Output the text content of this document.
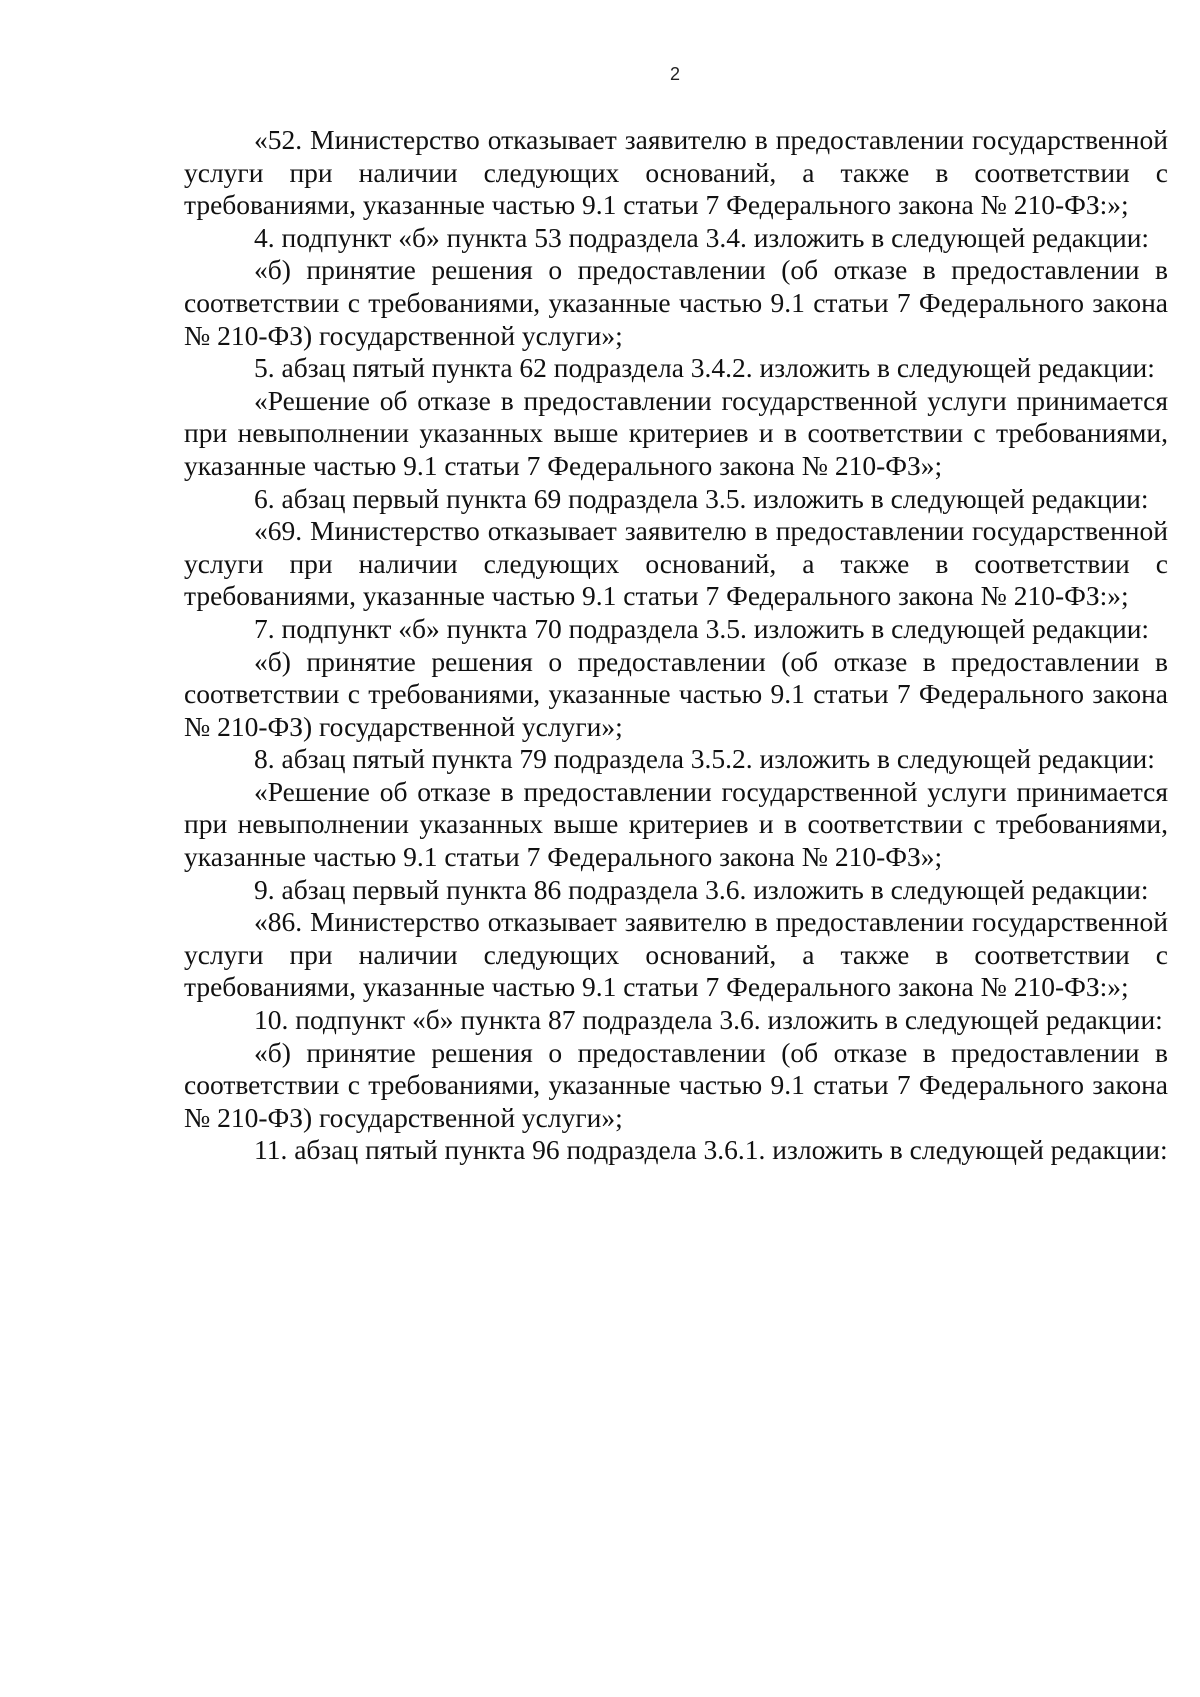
2

«52. Министерство отказывает заявителю в предоставлении государственной услуги при наличии следующих оснований, а также в соответствии с требованиями, указанные частью 9.1 статьи 7 Федерального закона № 210-ФЗ:»;

4. подпункт «б» пункта 53 подраздела 3.4. изложить в следующей редакции:

«б) принятие решения о предоставлении (об отказе в предоставлении в соответствии с требованиями, указанные частью 9.1 статьи 7 Федерального закона № 210-ФЗ) государственной услуги»;

5. абзац пятый пункта 62 подраздела 3.4.2. изложить в следующей редакции:

«Решение об отказе в предоставлении государственной услуги принимается при невыполнении указанных выше критериев и в соответствии с требованиями, указанные частью 9.1 статьи 7 Федерального закона № 210-ФЗ»;

6. абзац первый пункта 69 подраздела 3.5. изложить в следующей редакции:

«69. Министерство отказывает заявителю в предоставлении государственной услуги при наличии следующих оснований, а также в соответствии с требованиями, указанные частью 9.1 статьи 7 Федерального закона № 210-ФЗ:»;

7. подпункт «б» пункта 70 подраздела 3.5. изложить в следующей редакции:

«б) принятие решения о предоставлении (об отказе в предоставлении в соответствии с требованиями, указанные частью 9.1 статьи 7 Федерального закона № 210-ФЗ) государственной услуги»;

8. абзац пятый пункта 79 подраздела 3.5.2. изложить в следующей редакции:

«Решение об отказе в предоставлении государственной услуги принимается при невыполнении указанных выше критериев и в соответствии с требованиями, указанные частью 9.1 статьи 7 Федерального закона № 210-ФЗ»;

9. абзац первый пункта 86 подраздела 3.6. изложить в следующей редакции:

«86. Министерство отказывает заявителю в предоставлении государственной услуги при наличии следующих оснований, а также в соответствии с требованиями, указанные частью 9.1 статьи 7 Федерального закона № 210-ФЗ:»;

10. подпункт «б» пункта 87 подраздела 3.6. изложить в следующей редакции:

«б) принятие решения о предоставлении (об отказе в предоставлении в соответствии с требованиями, указанные частью 9.1 статьи 7 Федерального закона № 210-ФЗ) государственной услуги»;

11. абзац пятый пункта 96 подраздела 3.6.1. изложить в следующей редакции:
